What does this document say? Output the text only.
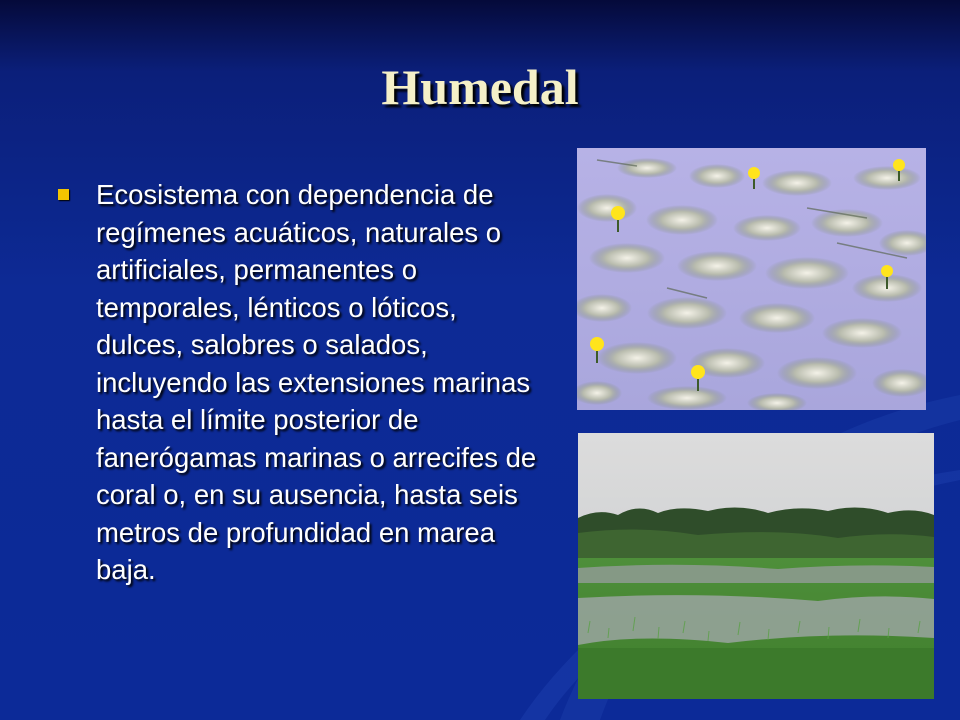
Humedal
Ecosistema con dependencia de regímenes acuáticos, naturales o artificiales, permanentes o temporales, lénticos o lóticos, dulces, salobres o salados, incluyendo las extensiones marinas hasta el límite posterior de fanerógamas marinas o arrecifes de coral o, en su ausencia, hasta seis metros de profundidad en marea baja.
